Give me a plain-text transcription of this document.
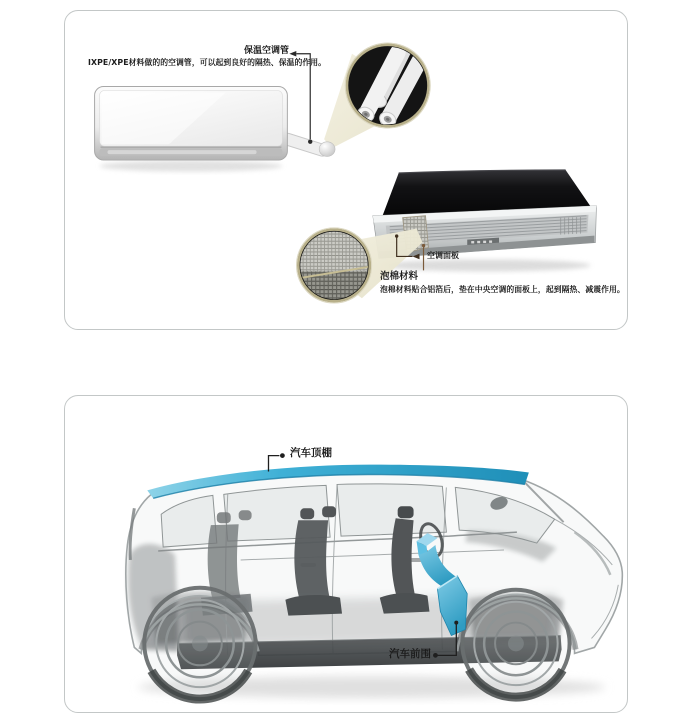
保温空调管
IXPE/XPE材料做的的空调管，可以起到良好的隔热、保温的作用。
空调面板
泡棉材料
泡棉材料贴合铝箔后，垫在中央空调的面板上，起到隔热、减震作用。
汽车顶棚
汽车前围
